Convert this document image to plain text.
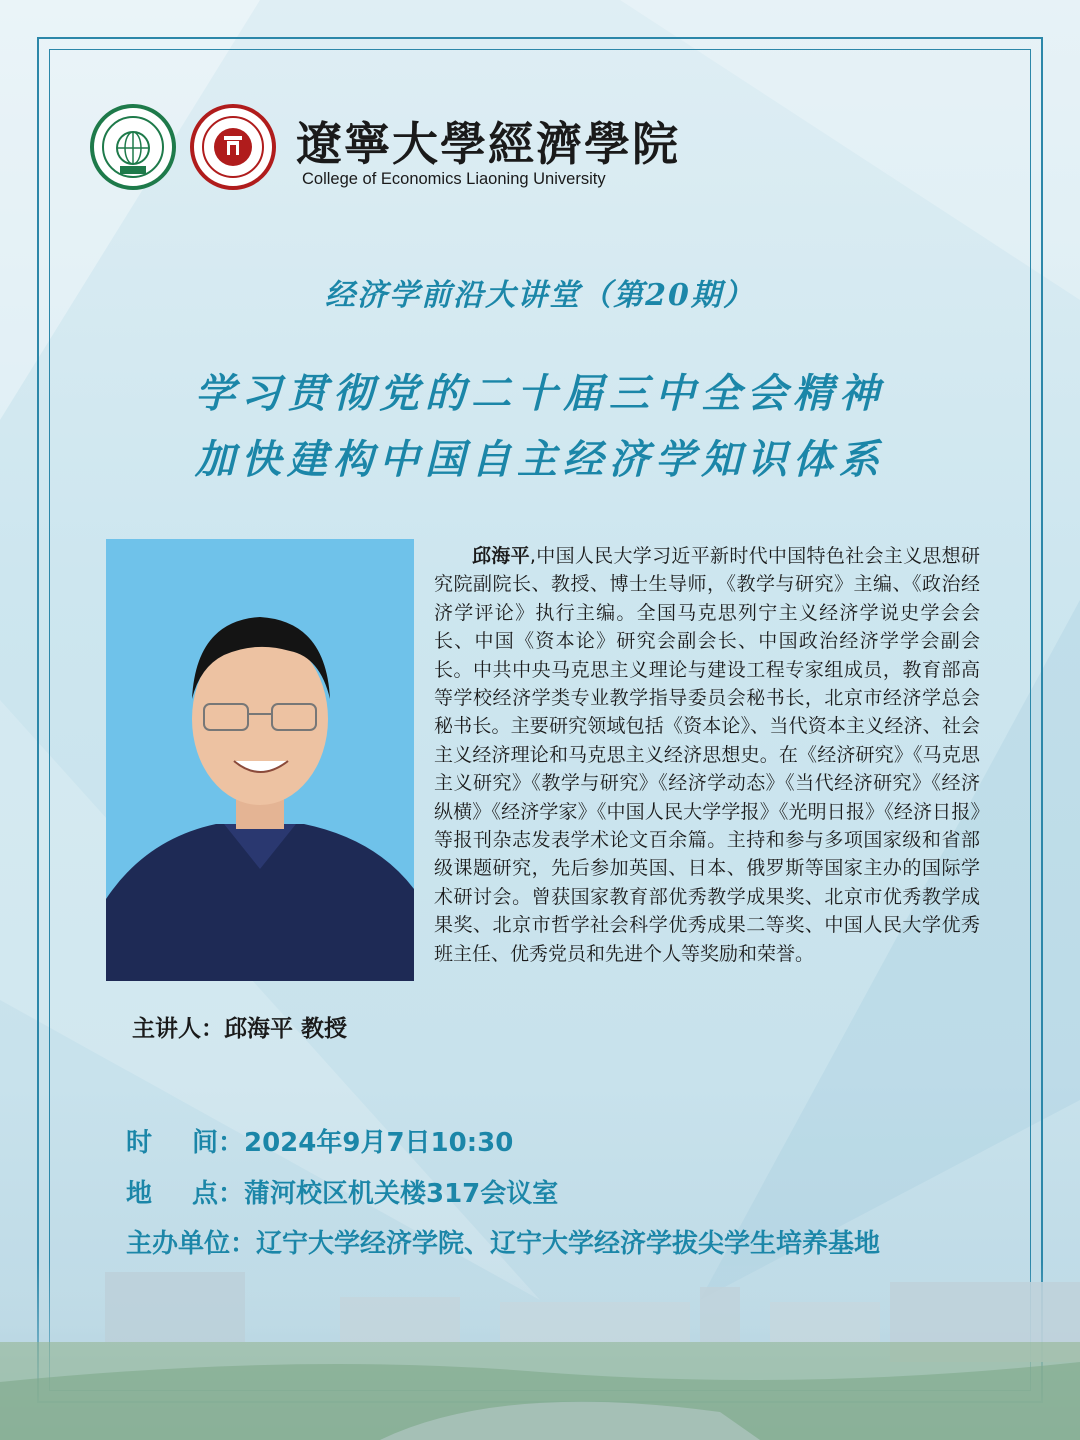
遼寧大學經濟學院
College of Economics Liaoning University
经济学前沿大讲堂（第20期）
学习贯彻党的二十届三中全会精神
加快建构中国自主经济学知识体系
主讲人：邱海平 教授
邱海平,中国人民大学习近平新时代中国特色社会主义思想研究院副院长、教授、博士生导师，《教学与研究》主编、《政治经济学评论》执行主编。全国马克思列宁主义经济学说史学会会长、中国《资本论》研究会副会长、中国政治经济学学会副会长。中共中央马克思主义理论与建设工程专家组成员，教育部高等学校经济学类专业教学指导委员会秘书长，北京市经济学总会秘书长。主要研究领域包括《资本论》、当代资本主义经济、社会主义经济理论和马克思主义经济思想史。在《经济研究》《马克思主义研究》《教学与研究》《经济学动态》《当代经济研究》《经济纵横》《经济学家》《中国人民大学学报》《光明日报》《经济日报》等报刊杂志发表学术论文百余篇。主持和参与多项国家级和省部级课题研究，先后参加英国、日本、俄罗斯等国家主办的国际学术研讨会。曾获国家教育部优秀教学成果奖、北京市优秀教学成果奖、北京市哲学社会科学优秀成果二等奖、中国人民大学优秀班主任、优秀党员和先进个人等奖励和荣誉。
时 间： 2024年9月7日10:30
地 点： 蒲河校区机关楼317会议室
主办单位：辽宁大学经济学院、辽宁大学经济学拔尖学生培养基地
